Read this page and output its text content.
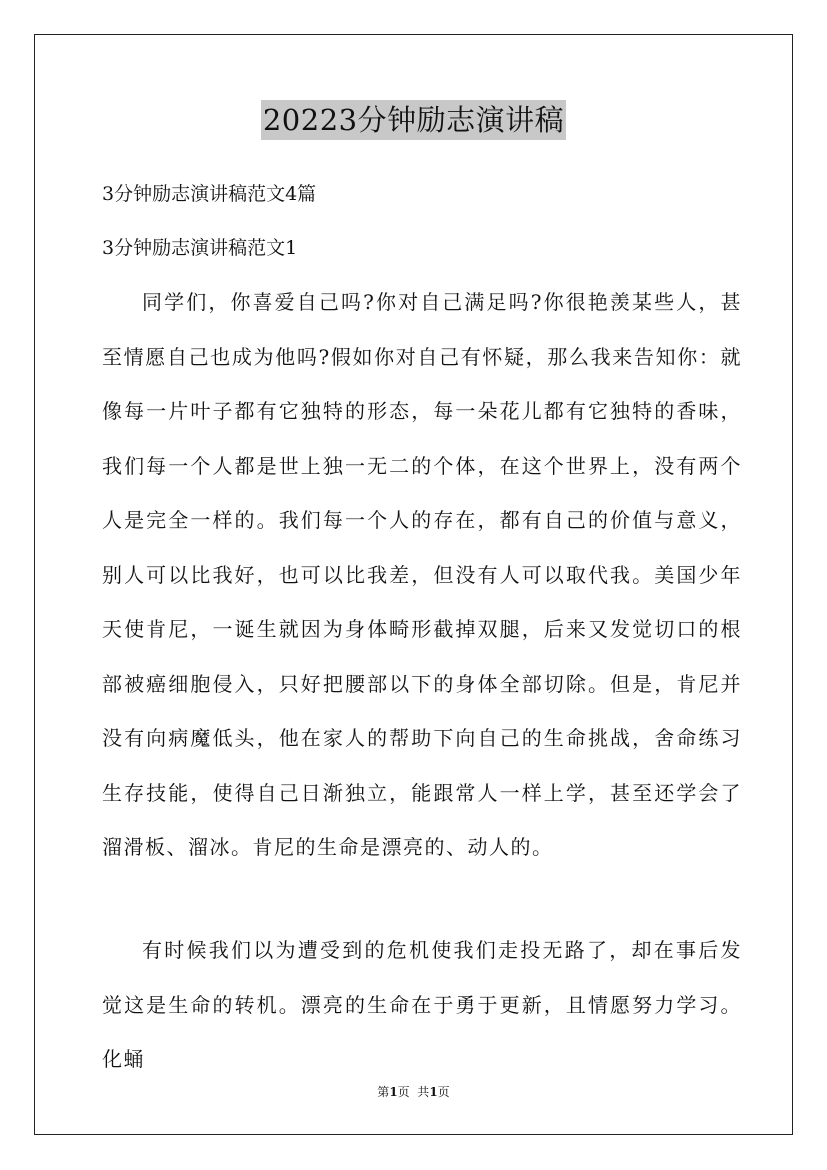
20223分钟励志演讲稿
3分钟励志演讲稿范文4篇
3分钟励志演讲稿范文1
同学们，你喜爱自己吗?你对自己满足吗?你很艳羡某些人，甚至情愿自己也成为他吗?假如你对自己有怀疑，那么我来告知你：就像每一片叶子都有它独特的形态，每一朵花儿都有它独特的香味，我们每一个人都是世上独一无二的个体，在这个世界上，没有两个人是完全一样的。我们每一个人的存在，都有自己的价值与意义，别人可以比我好，也可以比我差，但没有人可以取代我。美国少年天使肯尼，一诞生就因为身体畸形截掉双腿，后来又发觉切口的根部被癌细胞侵入，只好把腰部以下的身体全部切除。但是，肯尼并没有向病魔低头，他在家人的帮助下向自己的生命挑战，舍命练习生存技能，使得自己日渐独立，能跟常人一样上学，甚至还学会了溜滑板、溜冰。肯尼的生命是漂亮的、动人的。
有时候我们以为遭受到的危机使我们走投无路了，却在事后发觉这是生命的转机。漂亮的生命在于勇于更新，且情愿努力学习。化蛹
第1页  共1页
